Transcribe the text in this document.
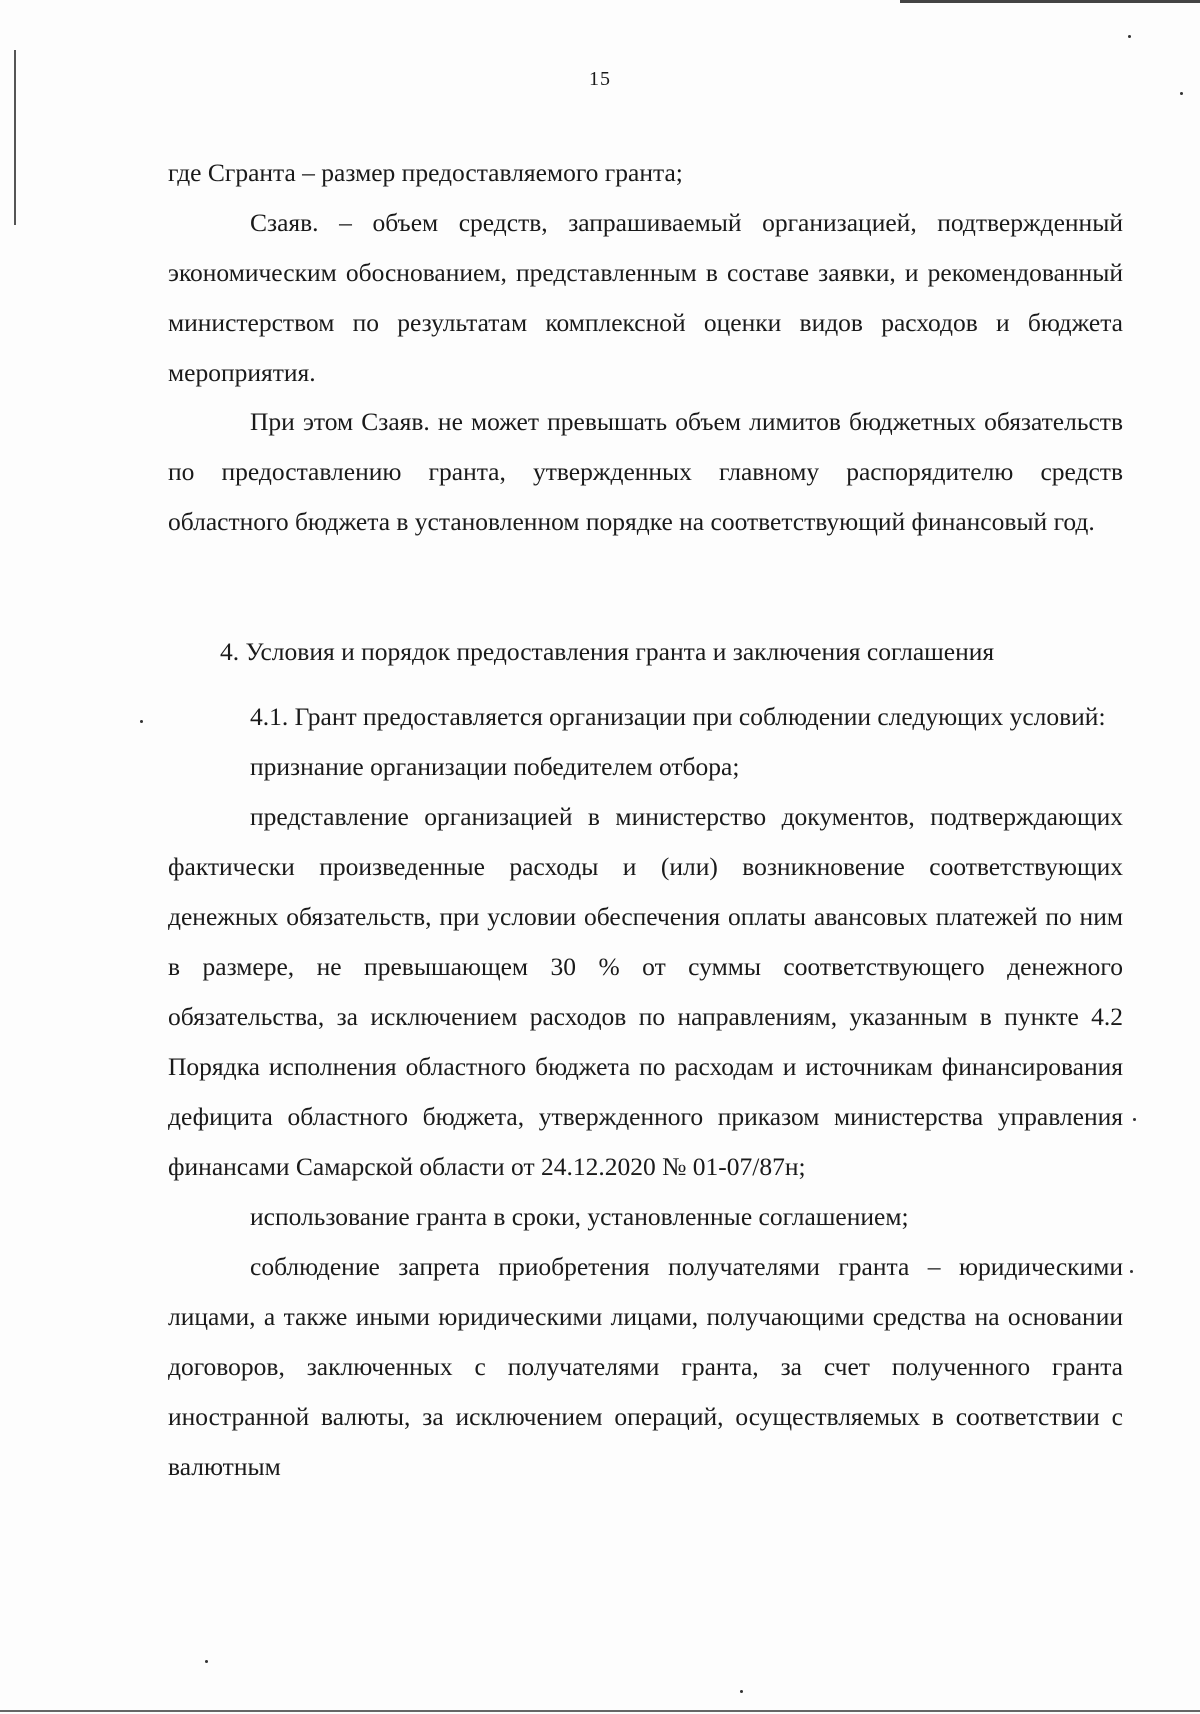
15

где Сгранта – размер предоставляемого гранта;

Сзаяв. – объем средств, запрашиваемый организацией, подтвержденный экономическим обоснованием, представленным в составе заявки, и рекомендованный министерством по результатам комплексной оценки видов расходов и бюджета мероприятия.

При этом Сзаяв. не может превышать объем лимитов бюджетных обязательств по предоставлению гранта, утвержденных главному распорядителю средств областного бюджета в установленном порядке на соответствующий финансовый год.

4. Условия и порядок предоставления гранта и заключения соглашения

4.1. Грант предоставляется организации при соблюдении следующих условий:

признание организации победителем отбора;

представление организацией в министерство документов, подтверждающих фактически произведенные расходы и (или) возникновение соответствующих денежных обязательств, при условии обеспечения оплаты авансовых платежей по ним в размере, не превышающем 30 % от суммы соответствующего денежного обязательства, за исключением расходов по направлениям, указанным в пункте 4.2 Порядка исполнения областного бюджета по расходам и источникам финансирования дефицита областного бюджета, утвержденного приказом министерства управления финансами Самарской области от 24.12.2020 № 01-07/87н;

использование гранта в сроки, установленные соглашением;

соблюдение запрета приобретения получателями гранта – юридическими лицами, а также иными юридическими лицами, получающими средства на основании договоров, заключенных с получателями гранта, за счет полученного гранта иностранной валюты, за исключением операций, осуществляемых в соответствии с валютным
